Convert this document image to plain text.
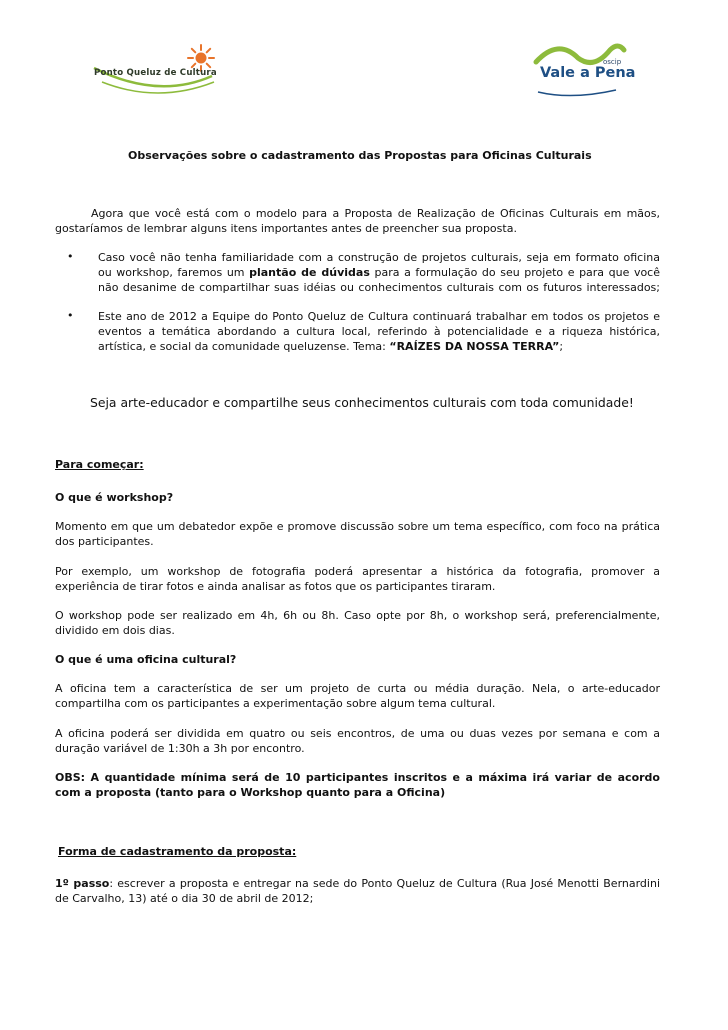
Ponto Queluz de Cultura
oscip
Vale a Pena
Observações sobre o cadastramento das Propostas para Oficinas Culturais
Agora que você está com o modelo para a Proposta de Realização de Oficinas Culturais em mãos,
gostaríamos de lembrar alguns itens importantes antes de preencher sua proposta.
• Caso você não tenha familiaridade com a construção de projetos culturais, seja em formato oficina
ou workshop, faremos um plantão de dúvidas para a formulação do seu projeto e para que você
não desanime de compartilhar suas idéias ou conhecimentos culturais com os futuros interessados;
• Este ano de 2012 a Equipe do Ponto Queluz de Cultura continuará trabalhar em todos os projetos e
eventos a temática abordando a cultura local, referindo à potencialidade e a riqueza histórica,
artística, e social da comunidade queluzense. Tema: “RAÍZES DA NOSSA TERRA”;
Seja arte-educador e compartilhe seus conhecimentos culturais com toda comunidade!
Para começar:
O que é workshop?
Momento em que um debatedor expõe e promove discussão sobre um tema específico, com foco na prática
dos participantes.
Por exemplo, um workshop de fotografia poderá apresentar a histórica da fotografia, promover a
experiência de tirar fotos e ainda analisar as fotos que os participantes tiraram.
O workshop pode ser realizado em 4h, 6h ou 8h. Caso opte por 8h, o workshop será, preferencialmente,
dividido em dois dias.
O que é uma oficina cultural?
A oficina tem a característica de ser um projeto de curta ou média duração. Nela, o arte-educador
compartilha com os participantes a experimentação sobre algum tema cultural.
A oficina poderá ser dividida em quatro ou seis encontros, de uma ou duas vezes por semana e com a
duração variável de 1:30h a 3h por encontro.
OBS: A quantidade mínima será de 10 participantes inscritos e a máxima irá variar de acordo
com a proposta (tanto para o Workshop quanto para a Oficina)
Forma de cadastramento da proposta:
1º passo: escrever a proposta e entregar na sede do Ponto Queluz de Cultura (Rua José Menotti Bernardini
de Carvalho, 13) até o dia 30 de abril de 2012;
